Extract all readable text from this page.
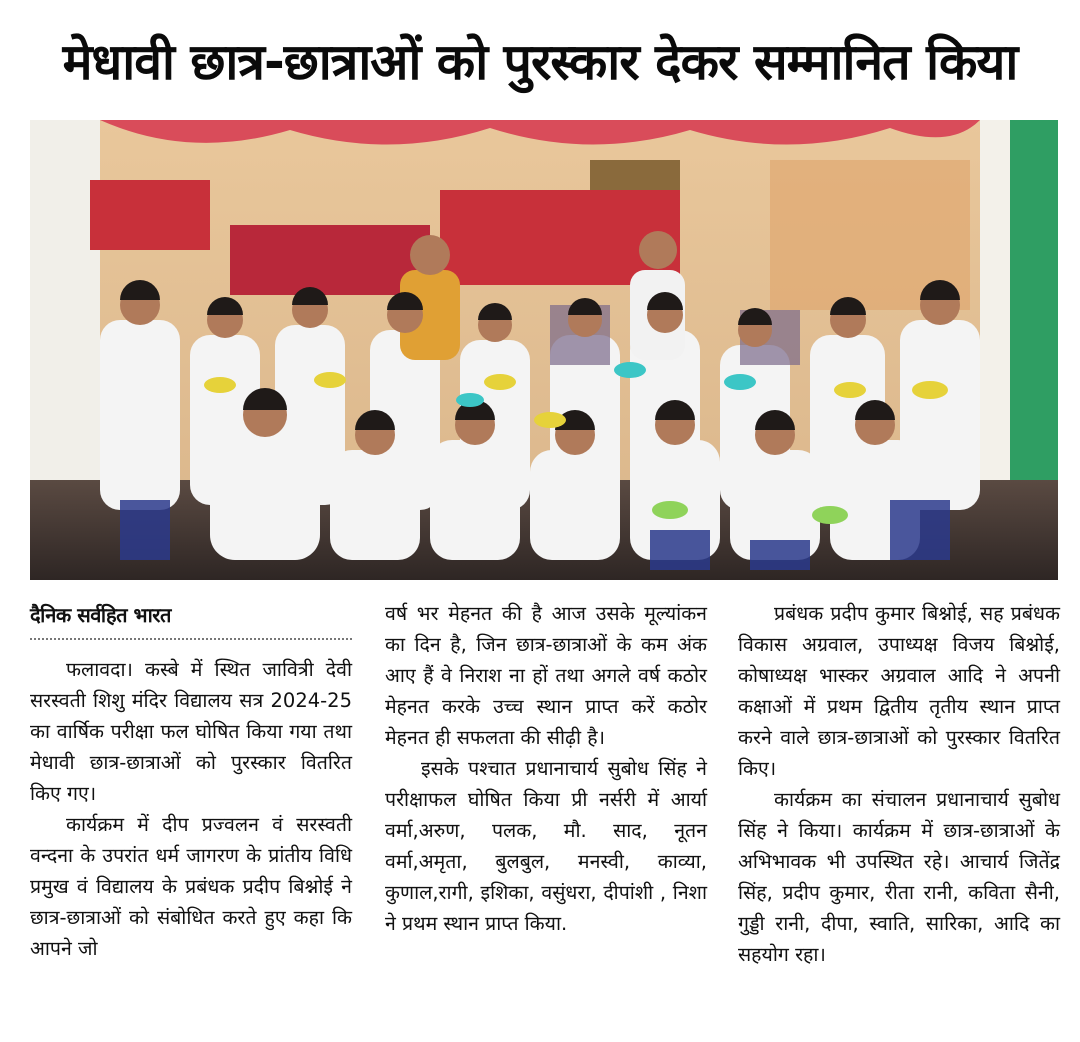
मेधावी छात्र-छात्राओं को पुरस्कार देकर सम्मानित किया
दैनिक सर्वहित भारत

फलावदा। कस्बे में स्थित जावित्री देवी सरस्वती शिशु मंदिर विद्यालय सत्र 2024-25 का वार्षिक परीक्षा फल घोषित किया गया तथा मेधावी छात्र-छात्राओं को पुरस्कार वितरित किए गए।

कार्यक्रम में दीप प्रज्वलन वं सरस्वती वन्दना के उपरांत धर्म जागरण के प्रांतीय विधि प्रमुख वं विद्यालय के प्रबंधक प्रदीप बिश्नोई ने छात्र-छात्राओं को संबोधित करते हुए कहा कि आपने जो

वर्ष भर मेहनत की है आज उसके मूल्यांकन का दिन है, जिन छात्र-छात्राओं के कम अंक आए हैं वे निराश ना हों तथा अगले वर्ष कठोर मेहनत करके उच्च स्थान प्राप्त करें कठोर मेहनत ही सफलता की सीढ़ी है।

इसके पश्चात प्रधानाचार्य सुबोध सिंह ने परीक्षाफल घोषित किया प्री नर्सरी में आर्या वर्मा,अरुण, पलक, मौ. साद, नूतन वर्मा,अमृता, बुलबुल, मनस्वी, काव्या, कुणाल,रागी, इशिका, वसुंधरा, दीपांशी , निशा ने प्रथम स्थान प्राप्त किया.

प्रबंधक प्रदीप कुमार बिश्नोई, सह प्रबंधक विकास अग्रवाल, उपाध्यक्ष विजय बिश्नोई, कोषाध्यक्ष भास्कर अग्रवाल आदि ने अपनी कक्षाओं में प्रथम द्वितीय तृतीय स्थान प्राप्त करने वाले छात्र-छात्राओं को पुरस्कार वितरित किए।

कार्यक्रम का संचालन प्रधानाचार्य सुबोध सिंह ने किया। कार्यक्रम में छात्र-छात्राओं के अभिभावक भी उपस्थित रहे। आचार्य जितेंद्र सिंह, प्रदीप कुमार, रीता रानी, कविता सैनी, गुड्डी रानी, दीपा, स्वाति, सारिका, आदि का सहयोग रहा।
